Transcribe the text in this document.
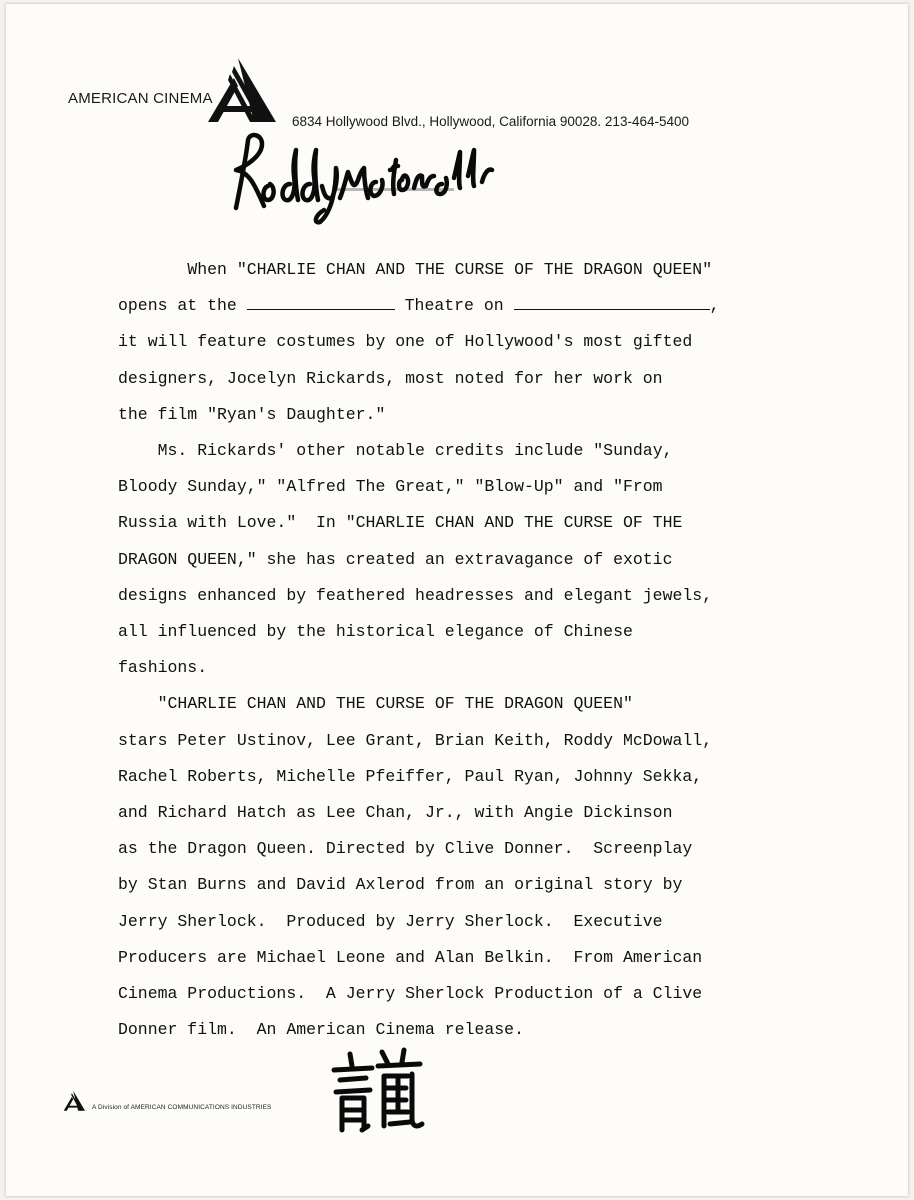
AMERICAN CINEMA
6834 Hollywood Blvd., Hollywood, California 90028. 213-464-5400
Roddy McDowall
When "CHARLIE CHAN AND THE CURSE OF THE DRAGON QUEEN"
opens at the	Theatre on	,
it will feature costumes by one of Hollywood's most gifted
designers, Jocelyn Rickards, most noted for her work on
the film "Ryan's Daughter."
Ms. Rickards' other notable credits include "Sunday,
Bloody Sunday," "Alfred The Great," "Blow-Up" and "From
Russia with Love."  In "CHARLIE CHAN AND THE CURSE OF THE
DRAGON QUEEN," she has created an extravagance of exotic
designs enhanced by feathered headresses and elegant jewels,
all influenced by the historical elegance of Chinese
fashions.
"CHARLIE CHAN AND THE CURSE OF THE DRAGON QUEEN"
stars Peter Ustinov, Lee Grant, Brian Keith, Roddy McDowall,
Rachel Roberts, Michelle Pfeiffer, Paul Ryan, Johnny Sekka,
and Richard Hatch as Lee Chan, Jr., with Angie Dickinson
as the Dragon Queen. Directed by Clive Donner.  Screenplay
by Stan Burns and David Axlerod from an original story by
Jerry Sherlock.  Produced by Jerry Sherlock.  Executive
Producers are Michael Leone and Alan Belkin.  From American
Cinema Productions.  A Jerry Sherlock Production of a Clive
Donner film.  An American Cinema release.
A Division of AMERICAN COMMUNICATIONS INDUSTRIES
